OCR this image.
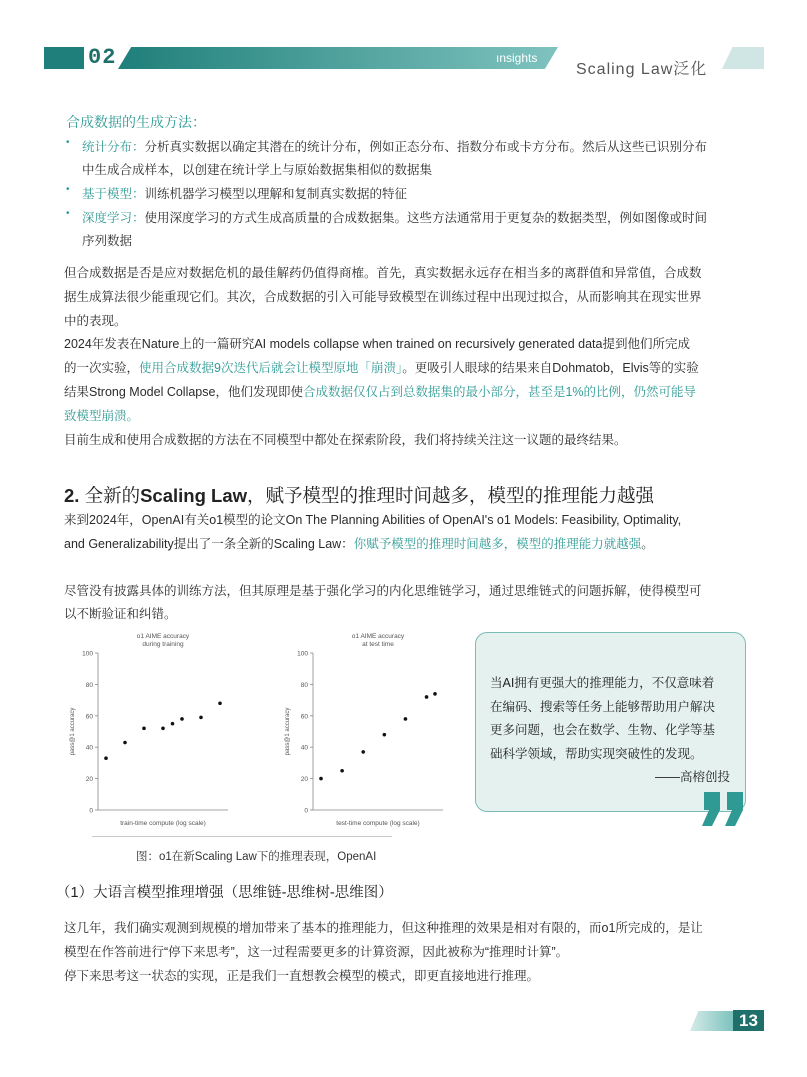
02	ınsights
Scaling Law泛化
合成数据的生成方法：
• 统计分布：分析真实数据以确定其潜在的统计分布，例如正态分布、指数分布或卡方分布。然后从这些已识别分布
中生成合成样本，以创建在统计学上与原始数据集相似的数据集
• 基于模型：训练机器学习模型以理解和复制真实数据的特征
• 深度学习：使用深度学习的方式生成高质量的合成数据集。这些方法通常用于更复杂的数据类型，例如图像或时间
序列数据
但合成数据是否是应对数据危机的最佳解药仍值得商榷。首先，真实数据永远存在相当多的离群值和异常值，合成数
据生成算法很少能重现它们。其次，合成数据的引入可能导致模型在训练过程中出现过拟合，从而影响其在现实世界
中的表现。
2024年发表在Nature上的一篇研究AI models collapse when trained on recursively generated data提到他们所完成
的一次实验，使用合成数据9次迭代后就会让模型原地「崩溃」。更吸引人眼球的结果来自Dohmatob，Elvis等的实验
结果Strong Model Collapse，他们发现即使合成数据仅仅占到总数据集的最小部分，甚至是1%的比例，仍然可能导
致模型崩溃。
目前生成和使用合成数据的方法在不同模型中都处在探索阶段，我们将持续关注这一议题的最终结果。
2. 全新的Scaling Law，赋予模型的推理时间越多，模型的推理能力越强
来到2024年，OpenAI有关o1模型的论文On The Planning Abilities of OpenAI's o1 Models: Feasibility, Optimality,
and Generalizability提出了一条全新的Scaling Law：你赋予模型的推理时间越多，模型的推理能力就越强。
尽管没有披露具体的训练方法，但其原理是基于强化学习的内化思维链学习，通过思维链式的问题拆解，使得模型可
以不断验证和纠错。
o1 AIME accuracy
during training
0
20
40
60
80
100
pass@1 accuracy
train-time compute (log scale)
o1 AIME accuracy
at test time
0
20
40
60
80
100
pass@1 accuracy
test-time compute (log scale)
图：o1在新Scaling Law下的推理表现，OpenAI
当AI拥有更强大的推理能力，不仅意味着
在编码、搜索等任务上能够帮助用户解决
更多问题，也会在数学、生物、化学等基
础科学领域，帮助实现突破性的发现。
——高榕创投
（1）大语言模型推理增强（思维链-思维树-思维图）
这几年，我们确实观测到规模的增加带来了基本的推理能力，但这种推理的效果是相对有限的，而o1所完成的，是让
模型在作答前进行“停下来思考”，这一过程需要更多的计算资源，因此被称为“推理时计算”。
停下来思考这一状态的实现，正是我们一直想教会模型的模式，即更直接地进行推理。
13
